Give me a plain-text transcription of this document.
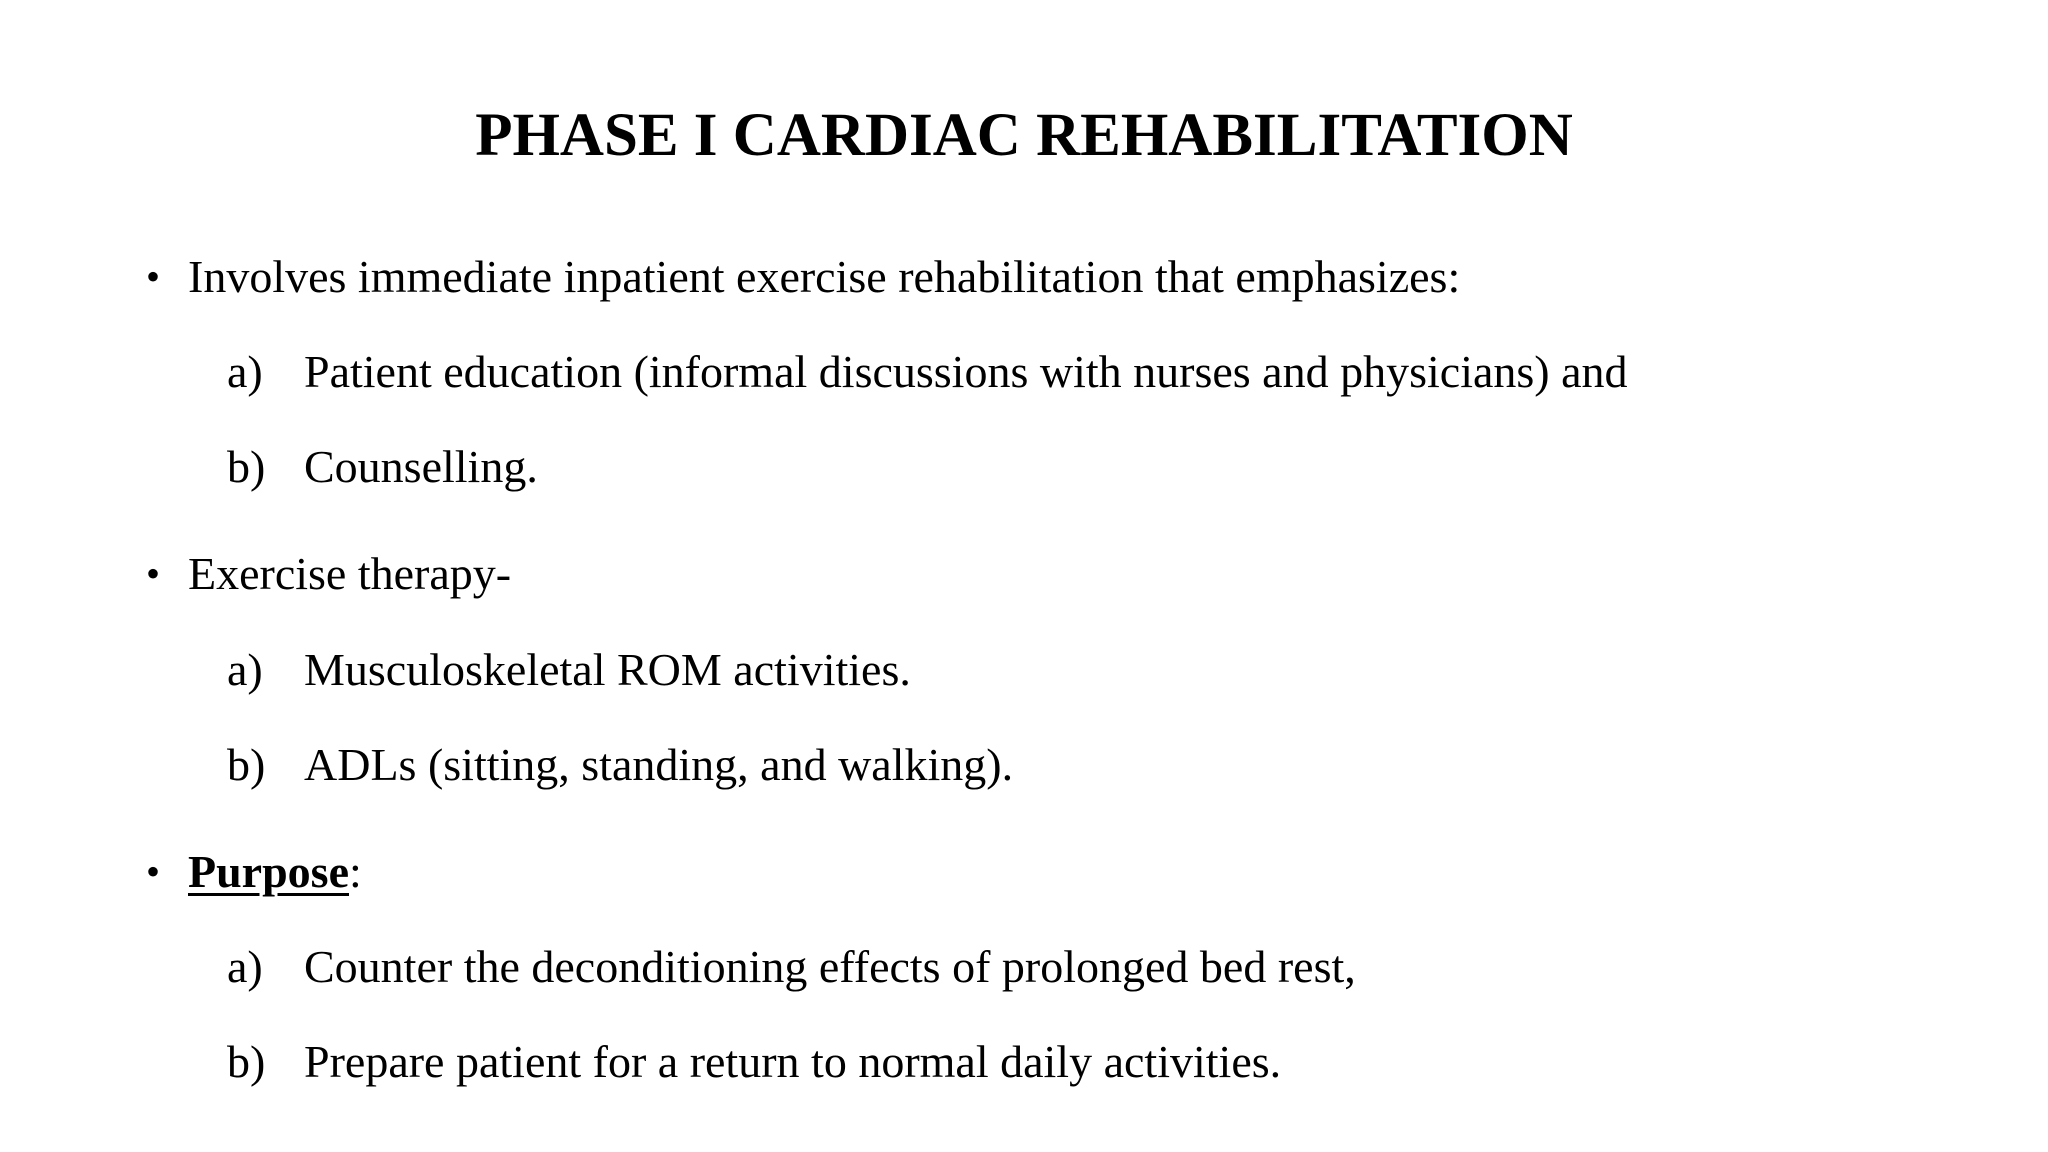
PHASE I CARDIAC REHABILITATION
• Involves immediate inpatient exercise rehabilitation that emphasizes:
a) Patient education (informal discussions with nurses and physicians) and
b) Counselling.
• Exercise therapy-
a) Musculoskeletal ROM activities.
b) ADLs (sitting, standing, and walking).
• Purpose:
a) Counter the deconditioning effects of prolonged bed rest,
b) Prepare patient for a return to normal daily activities.
